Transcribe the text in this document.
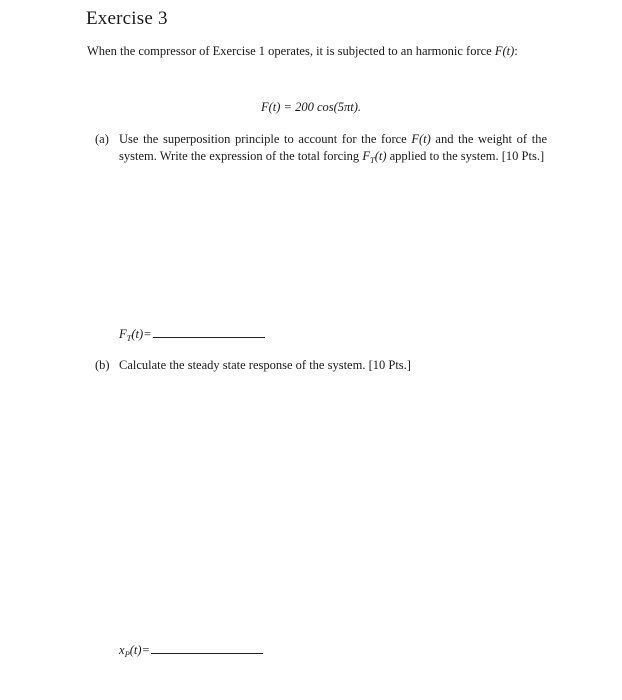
Exercise 3
When the compressor of Exercise 1 operates, it is subjected to an harmonic force F(t):
F(t) = 200 cos(5πt).
(a) Use the superposition principle to account for the force F(t) and the weight of the system. Write the expression of the total forcing $F_T(t)$ applied to the system. [10 Pts.]
$F_T(t)=$
(b) Calculate the steady state response of the system. [10 Pts.]
$x_P(t)=$
